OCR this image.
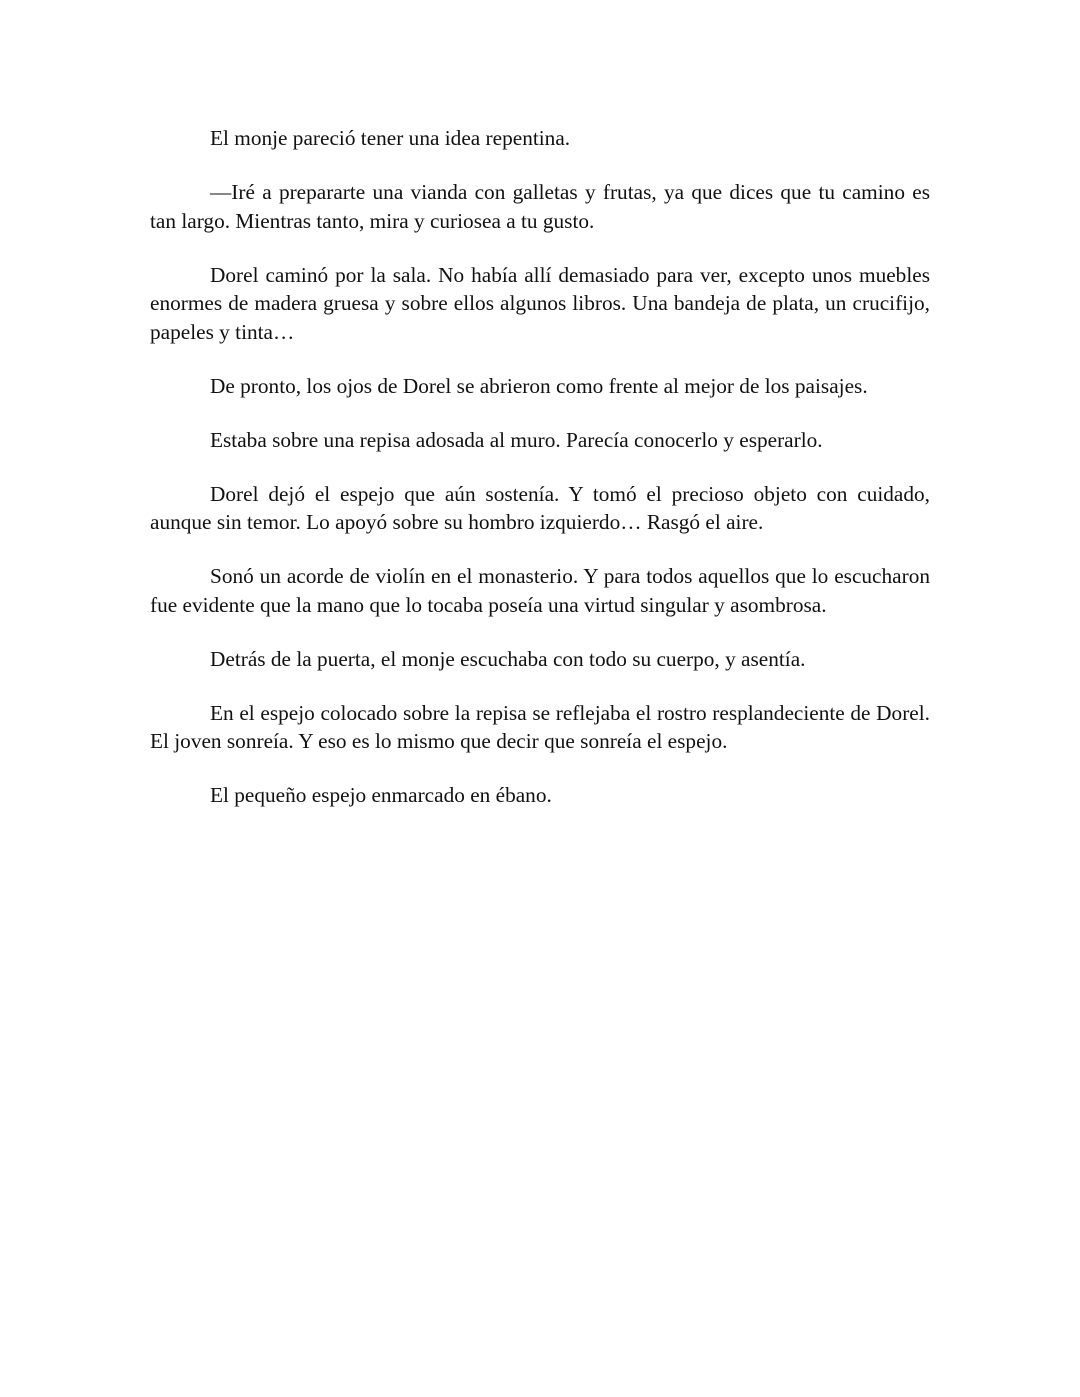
El monje pareció tener una idea repentina.

—Iré a prepararte una vianda con galletas y frutas, ya que dices que tu camino es tan largo. Mientras tanto, mira y curiosea a tu gusto.

Dorel caminó por la sala. No había allí demasiado para ver, excepto unos muebles enormes de madera gruesa y sobre ellos algunos libros. Una bandeja de plata, un crucifijo, papeles y tinta…

De pronto, los ojos de Dorel se abrieron como frente al mejor de los paisajes.

Estaba sobre una repisa adosada al muro. Parecía conocerlo y esperarlo.

Dorel dejó el espejo que aún sostenía. Y tomó el precioso objeto con cuidado, aunque sin temor. Lo apoyó sobre su hombro izquierdo… Rasgó el aire.

Sonó un acorde de violín en el monasterio. Y para todos aquellos que lo escucharon fue evidente que la mano que lo tocaba poseía una virtud singular y asombrosa.

Detrás de la puerta, el monje escuchaba con todo su cuerpo, y asentía.

En el espejo colocado sobre la repisa se reflejaba el rostro resplandeciente de Dorel. El joven sonreía. Y eso es lo mismo que decir que sonreía el espejo.

El pequeño espejo enmarcado en ébano.
